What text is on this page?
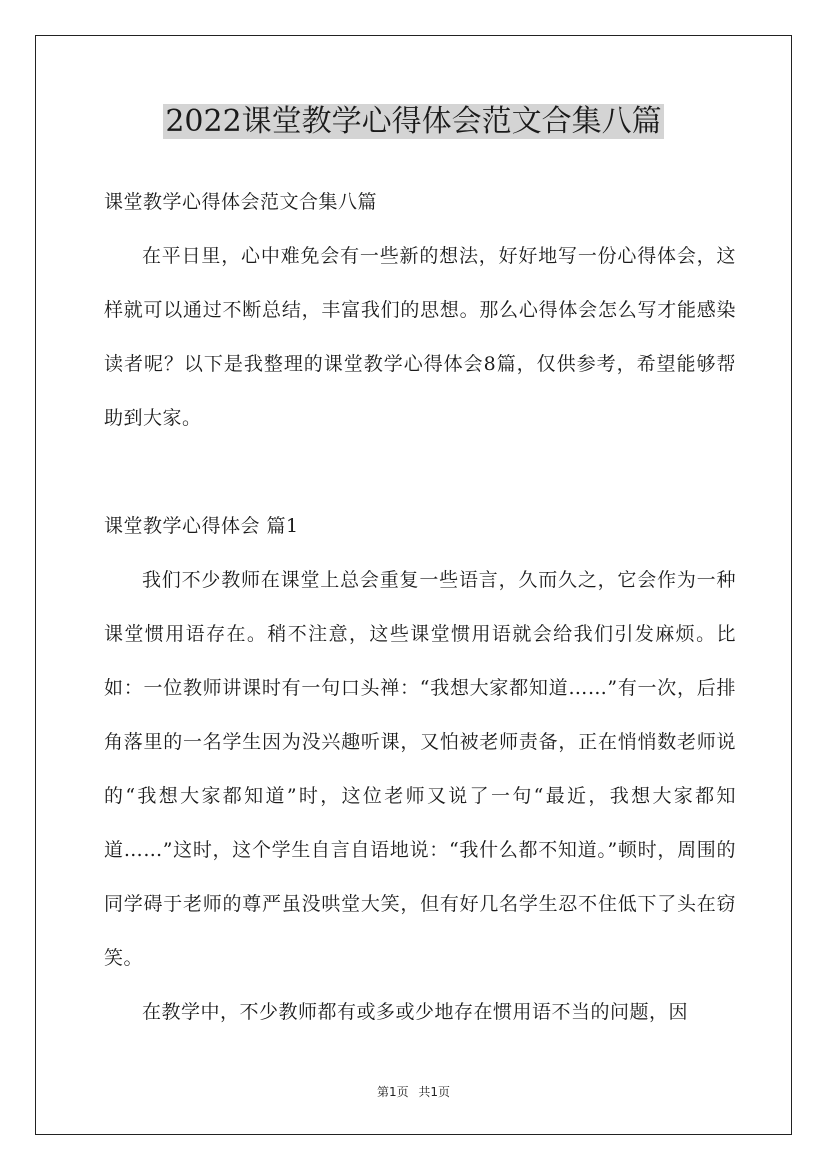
2022课堂教学心得体会范文合集八篇

课堂教学心得体会范文合集八篇

在平日里，心中难免会有一些新的想法，好好地写一份心得体会，这样就可以通过不断总结，丰富我们的思想。那么心得体会怎么写才能感染读者呢？以下是我整理的课堂教学心得体会8篇，仅供参考，希望能够帮助到大家。

课堂教学心得体会 篇1

我们不少教师在课堂上总会重复一些语言，久而久之，它会作为一种课堂惯用语存在。稍不注意，这些课堂惯用语就会给我们引发麻烦。比如：一位教师讲课时有一句口头禅：“我想大家都知道……”有一次，后排角落里的一名学生因为没兴趣听课，又怕被老师责备，正在悄悄数老师说的“我想大家都知道”时，这位老师又说了一句“最近，我想大家都知道……”这时，这个学生自言自语地说：“我什么都不知道。”顿时，周围的同学碍于老师的尊严虽没哄堂大笑，但有好几名学生忍不住低下了头在窃笑。

在教学中，不少教师都有或多或少地存在惯用语不当的问题，因

第1页 共1页
